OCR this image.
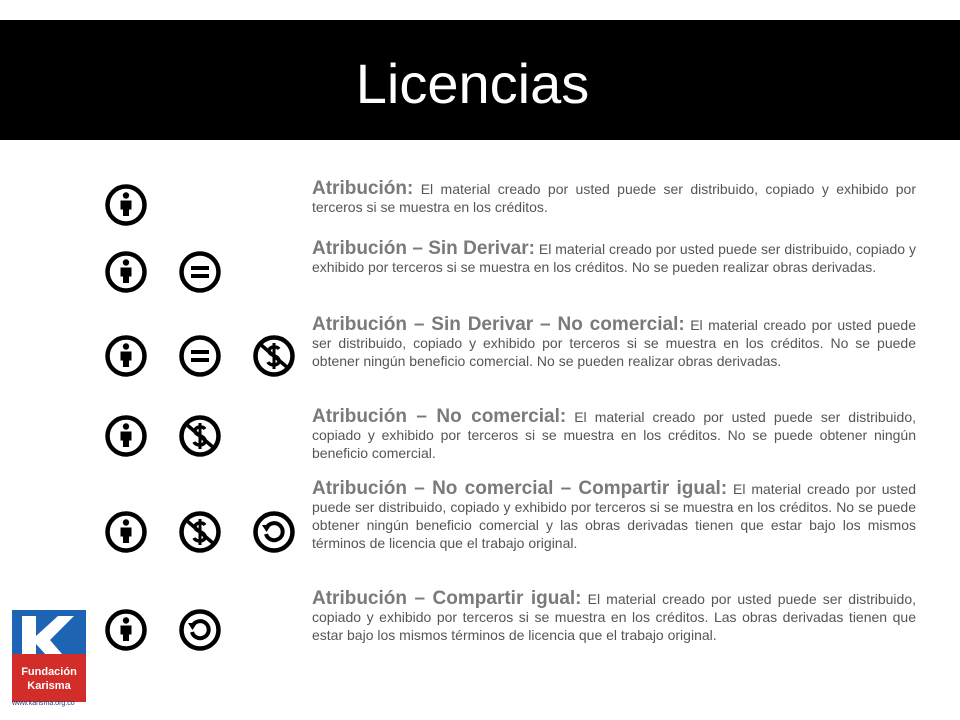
Licencias

Atribución: El material creado por usted puede ser distribuido, copiado y exhibido por terceros si se muestra en los créditos.

Atribución – Sin Derivar: El material creado por usted puede ser distribuido, copiado y exhibido por terceros si se muestra en los créditos. No se pueden realizar obras derivadas.

Atribución – Sin Derivar – No comercial: El material creado por usted puede ser distribuido, copiado y exhibido por terceros si se muestra en los créditos. No se puede obtener ningún beneficio comercial. No se pueden realizar obras derivadas.

Atribución – No comercial: El material creado por usted puede ser distribuido, copiado y exhibido por terceros si se muestra en los créditos. No se puede obtener ningún beneficio comercial.

Atribución – No comercial – Compartir igual: El material creado por usted puede ser distribuido, copiado y exhibido por terceros si se muestra en los créditos. No se puede obtener ningún beneficio comercial y las obras derivadas tienen que estar bajo los mismos términos de licencia que el trabajo original.

Atribución – Compartir igual: El material creado por usted puede ser distribuido, copiado y exhibido por terceros si se muestra en los créditos. Las obras derivadas tienen que estar bajo los mismos términos de licencia que el trabajo original.

Fundación
Karisma
www.karisma.org.co
